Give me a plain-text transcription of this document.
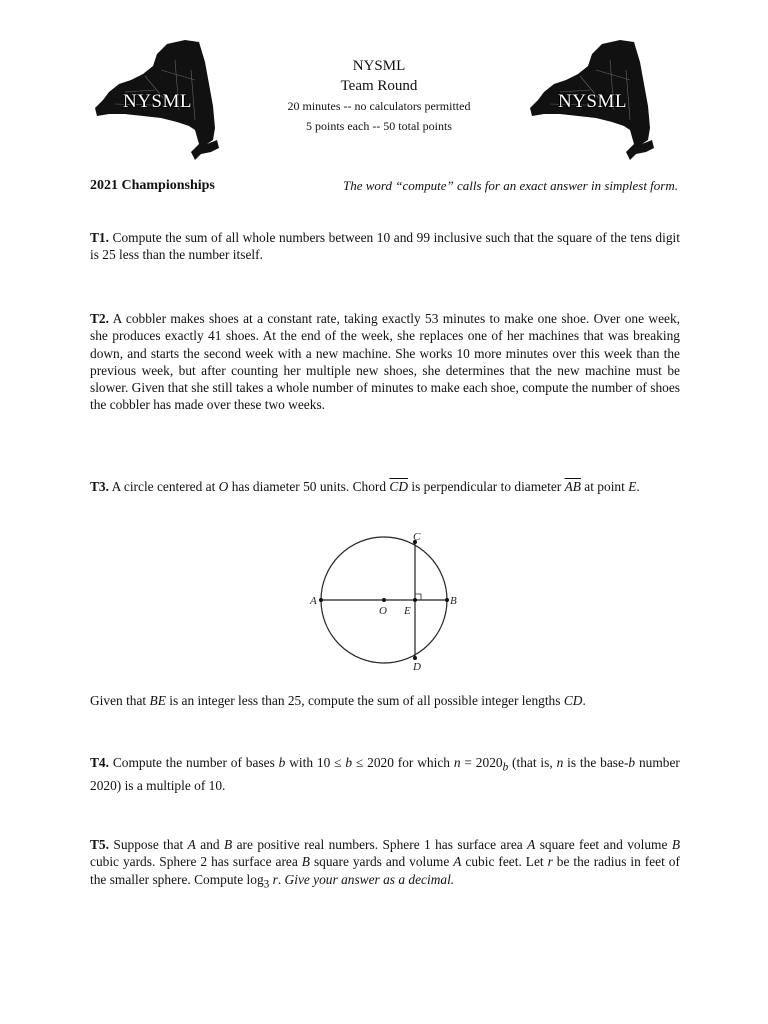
NYSML	NYSML
NYSML
Team Round
20 minutes -- no calculators permitted
5 points each -- 50 total points
2021 Championships	The word “compute” calls for an exact answer in simplest form.
T1. Compute the sum of all whole numbers between 10 and 99 inclusive such that the square of the tens digit is 25 less than the number itself.
T2. A cobbler makes shoes at a constant rate, taking exactly 53 minutes to make one shoe. Over one week, she produces exactly 41 shoes. At the end of the week, she replaces one of her machines that was breaking down, and starts the second week with a new machine. She works 10 more minutes over this week than the previous week, but after counting her multiple new shoes, she determines that the new machine must be slower. Given that she still takes a whole number of minutes to make each shoe, compute the number of shoes the cobbler has made over these two weeks.
T3. A circle centered at O has diameter 50 units. Chord $\overline{CD}$ is perpendicular to diameter $\overline{AB}$ at point E.
A	B
C
D
O E
Given that BE is an integer less than 25, compute the sum of all possible integer lengths CD.
T4. Compute the number of bases b with 10 ≤ b ≤ 2020 for which $n = 2020_b$ (that is, n is the base-b number 2020) is a multiple of 10.
T5. Suppose that A and B are positive real numbers. Sphere 1 has surface area A square feet and volume B cubic yards. Sphere 2 has surface area B square yards and volume A cubic feet. Let r be the radius in feet of the smaller sphere. Compute $\log_3 r$. Give your answer as a decimal.
